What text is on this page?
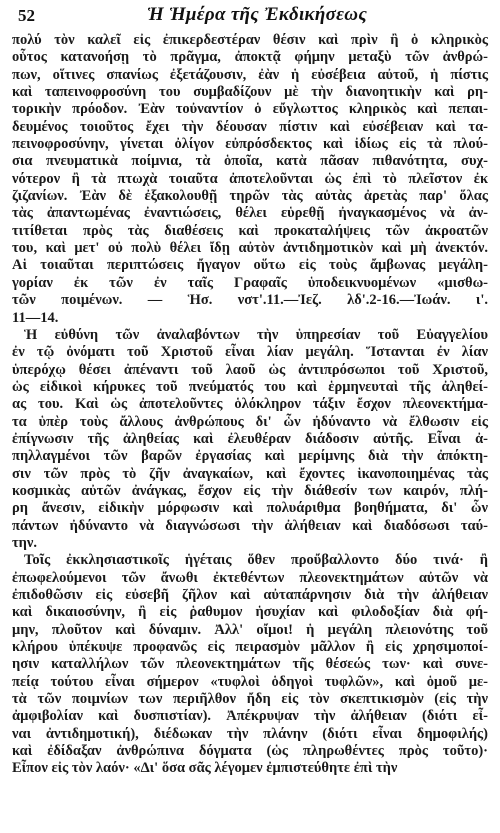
52	Ἡ Ἡμέρα τῆς Ἐκδικήσεως

πολύ τὸν καλεῖ εἰς ἐπικερδεστέραν θέσιν καὶ πρὶν ἢ ὁ κληρικὸς
οὗτος κατανοήσῃ τὸ πρᾶγμα, ἀποκτᾷ φήμην μεταξὺ τῶν ἀνθρώ-
πων, οἵτινες σπανίως ἐξετάζουσιν, ἐὰν ἡ εὐσέβεια αὐτοῦ, ἡ πίστις
καὶ ταπεινοφροσύνη του συμβαδίζουν μὲ τὴν διανοητικὴν καὶ ρη-
τορικὴν πρόοδον. Ἐὰν τοὐναντίον ὁ εὔγλωττος κληρικὸς καὶ πεπαι-
δευμένος τοιοῦτος ἔχει τὴν δέουσαν πίστιν καὶ εὐσέβειαν καὶ τα-
πεινοφροσύνην, γίνεται ὀλίγον εὐπρόσδεκτος καὶ ἰδίως εἰς τὰ πλού-
σια πνευματικὰ ποίμνια, τὰ ὁποῖα, κατὰ πᾶσαν πιθανότητα, συχ-
νότερον ἢ τὰ πτωχὰ τοιαῦτα ἀποτελοῦνται ὡς ἐπὶ τὸ πλεῖστον ἐκ
ζιζανίων. Ἐὰν δὲ ἐξακολουθῇ τηρῶν τὰς αὐτὰς ἀρετὰς παρ' ὅλας
τὰς ἀπαντωμένας ἐναντιώσεις, θέλει εὑρεθῇ ἠναγκασμένος νὰ ἀν-
τιτίθεται πρὸς τὰς διαθέσεις καὶ προκαταλήψεις τῶν ἀκροατῶν
του, καὶ μετ' οὐ πολὺ θέλει ἴδῃ αὐτὸν ἀντιδημοτικὸν καὶ μὴ ἀνεκτόν.
Αἱ τοιαῦται περιπτώσεις ἤγαγον οὕτω εἰς τοὺς ἄμβωνας μεγάλη-
γορίαν ἐκ τῶν ἐν ταῖς Γραφαῖς ὑποδεικνυομένων «μισθω-
τῶν ποιμένων. — Ἡσ. νστ'.11.—Ἰεζ. λδ'.2-16.—Ἰωάν. ι'.
11—14.

Ἡ εὐθύνη τῶν ἀναλαβόντων τὴν ὑπηρεσίαν τοῦ Εὐαγγελίου
ἐν τῷ ὀνόματι τοῦ Χριστοῦ εἶναι λίαν μεγάλη. Ἵστανται ἐν λίαν
ὑπερόχῳ θέσει ἀπέναντι τοῦ λαοῦ ὡς ἀντιπρόσωποι τοῦ Χριστοῦ,
ὡς εἰδικοὶ κήρυκες τοῦ πνεύματός του καὶ ἑρμηνευταὶ τῆς ἀληθεί-
ας του. Καὶ ὡς ἀποτελοῦντες ὁλόκληρον τάξιν ἔσχον πλεονεκτήμα-
τα ὑπὲρ τοὺς ἄλλους ἀνθρώπους δι' ὧν ἠδύναντο νὰ ἔλθωσιν εἰς
ἐπίγνωσιν τῆς ἀληθείας καὶ ἐλευθέραν διάδοσιν αὐτῆς. Εἶναι ἀ-
πηλλαγμένοι τῶν βαρῶν ἐργασίας καὶ μερίμνης διὰ τὴν ἀπόκτη-
σιν τῶν πρὸς τὸ ζῆν ἀναγκαίων, καὶ ἔχοντες ἱκανοποιημένας τὰς
κοσμικὰς αὐτῶν ἀνάγκας, ἔσχον εἰς τὴν διάθεσίν των καιρόν, πλή-
ρη ἄνεσιν, εἰδικὴν μόρφωσιν καὶ πολυάριθμα βοηθήματα, δι' ὧν
πάντων ἠδύναντο νὰ διαγνώσωσι τὴν ἀλήθειαν καὶ διαδόσωσι ταύ-
την.

Τοῖς ἐκκλησιαστικοῖς ἡγέταις ὅθεν προὔβαλλοντο δύο τινά· ἢ
ἐπωφελούμενοι τῶν ἄνωθι ἐκτεθέντων πλεονεκτημάτων αὐτῶν νὰ
ἐπιδοθῶσιν εἰς εὐσεβῆ ζῆλον καὶ αὐταπάρνησιν διὰ τὴν ἀλήθειαν
καὶ δικαιοσύνην, ἢ εἰς ῥαθυμον ἡσυχίαν καὶ φιλοδοξίαν διὰ φή-
μην, πλοῦτον καὶ δύναμιν. Ἀλλ' οἴμοι! ἡ μεγάλη πλειονότης τοῦ
κλήρου ὑπέκυψε προφανῶς εἰς πειρασμὸν μᾶλλον ἢ εἰς χρησιμοποί-
ησιν καταλλήλων τῶν πλεονεκτημάτων τῆς θέσεώς των· καὶ συνε-
πείᾳ τούτου εἶναι σήμερον «τυφλοὶ ὁδηγοὶ τυφλῶν», καὶ ὁμοῦ με-
τὰ τῶν ποιμνίων των περιῆλθον ἤδη εἰς τὸν σκεπτικισμὸν (εἰς τὴν
ἀμφιβολίαν καὶ δυσπιστίαν). Ἀπέκρυψαν τὴν ἀλήθειαν (διότι εἶ-
ναι ἀντιδημοτική), διέδωκαν τὴν πλάνην (διότι εἶναι δημοφιλής)
καὶ ἐδίδαξαν ἀνθρώπινα δόγματα (ὡς πληρωθέντες πρὸς τοῦτο)·
Εἶπον εἰς τὸν λαόν· «Δι' ὅσα σᾶς λέγομεν ἐμπιστεύθητε ἐπὶ τὴν
